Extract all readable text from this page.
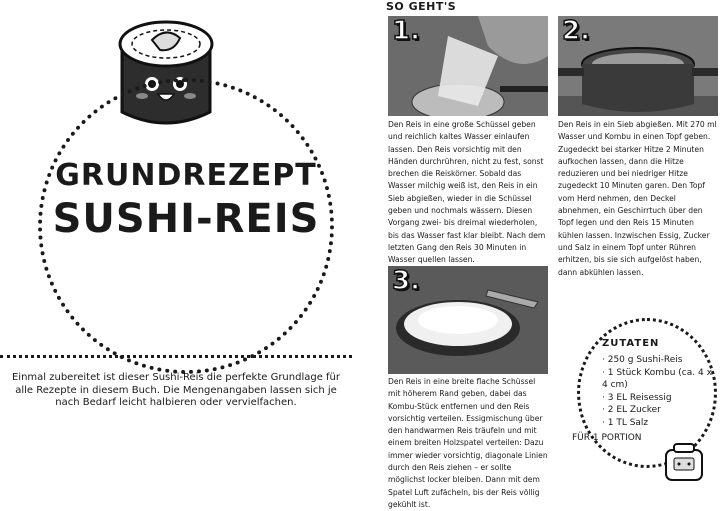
GRUNDREZEPT
SUSHI-REIS
Einmal zubereitet ist dieser Sushi-Reis die perfekte Grundlage für alle Rezepte in diesem Buch. Die Mengenangaben lassen sich je nach Bedarf leicht halbieren oder vervielfachen.
SO GEHT'S
1.
Den Reis in eine große Schüssel geben und reichlich kaltes Wasser einlaufen lassen. Den Reis vorsichtig mit den Händen durchrühren, nicht zu fest, sonst brechen die Reiskörner. Sobald das Wasser milchig weiß ist, den Reis in ein Sieb abgießen, wieder in die Schüssel geben und nochmals wässern. Diesen Vorgang zwei- bis dreimal wiederholen, bis das Wasser fast klar bleibt. Nach dem letzten Gang den Reis 30 Minuten in Wasser quellen lassen.
2.
Den Reis in ein Sieb abgießen. Mit 270 ml Wasser und Kombu in einen Topf geben. Zugedeckt bei starker Hitze 2 Minuten aufkochen lassen, dann die Hitze reduzieren und bei niedriger Hitze zugedeckt 10 Minuten garen. Den Topf vom Herd nehmen, den Deckel abnehmen, ein Geschirrtuch über den Topf legen und den Reis 15 Minuten kühlen lassen. Inzwischen Essig, Zucker und Salz in einem Topf unter Rühren erhitzen, bis sie sich aufgelöst haben, dann abkühlen lassen.
3.
Den Reis in eine breite flache Schüssel mit höherem Rand geben, dabei das Kombu-Stück entfernen und den Reis vorsichtig verteilen. Essigmischung über den handwarmen Reis träufeln und mit einem breiten Holzspatel verteilen: Dazu immer wieder vorsichtig, diagonale Linien durch den Reis ziehen – er sollte möglichst locker bleiben. Dann mit dem Spatel Luft zufächeln, bis der Reis völlig gekühlt ist.
ZUTATEN
· 250 g Sushi-Reis
· 1 Stück Kombu (ca. 4 x 4 cm)
· 3 EL Reisessig
· 2 EL Zucker
· 1 TL Salz
FÜR 1 PORTION
